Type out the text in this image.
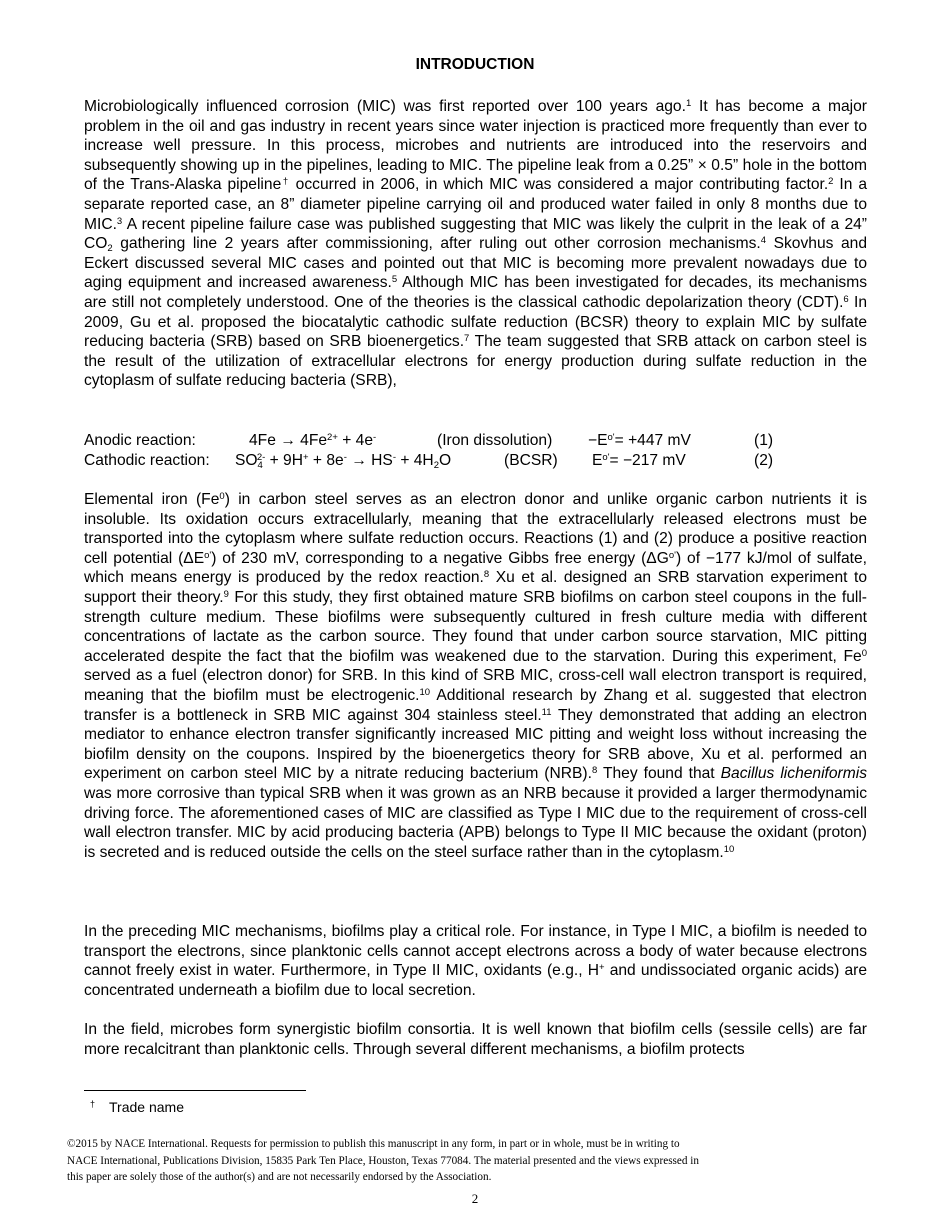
INTRODUCTION

Microbiologically influenced corrosion (MIC) was first reported over 100 years ago.$^1$ It has become a major problem in the oil and gas industry in recent years since water injection is practiced more frequently than ever to increase well pressure. In this process, microbes and nutrients are introduced into the reservoirs and subsequently showing up in the pipelines, leading to MIC. The pipeline leak from a 0.25” × 0.5” hole in the bottom of the Trans-Alaska pipeline† occurred in 2006, in which MIC was considered a major contributing factor.$^2$ In a separate reported case, an 8” diameter pipeline carrying oil and produced water failed in only 8 months due to MIC.$^3$ A recent pipeline failure case was published suggesting that MIC was likely the culprit in the leak of a 24” $CO_2$ gathering line 2 years after commissioning, after ruling out other corrosion mechanisms.$^4$ Skovhus and Eckert discussed several MIC cases and pointed out that MIC is becoming more prevalent nowadays due to aging equipment and increased awareness.$^5$ Although MIC has been investigated for decades, its mechanisms are still not completely understood. One of the theories is the classical cathodic depolarization theory (CDT).$^6$ In 2009, Gu et al. proposed the biocatalytic cathodic sulfate reduction (BCSR) theory to explain MIC by sulfate reducing bacteria (SRB) based on SRB bioenergetics.$^7$ The team suggested that SRB attack on carbon steel is the result of the utilization of extracellular electrons for energy production during sulfate reduction in the cytoplasm of sulfate reducing bacteria (SRB),

Anodic reaction:	$4Fe \to 4Fe^{2+} + 4e^-$	(Iron dissolution) $-E^{o'}= +447$ mV	(1)
Cathodic reaction: $SO_4^{2-} + 9H^+ + 8e^- \to HS^- + 4H_2O$	(BCSR) $E^{o'}= -217$ mV	(2)

Elemental iron (Fe$^0$) in carbon steel serves as an electron donor and unlike organic carbon nutrients it is insoluble. Its oxidation occurs extracellularly, meaning that the extracellularly released electrons must be transported into the cytoplasm where sulfate reduction occurs. Reactions (1) and (2) produce a positive reaction cell potential $(\Delta E^{o'})$ of 230 mV, corresponding to a negative Gibbs free energy $(\Delta G^{o'})$ of −177 kJ/mol of sulfate, which means energy is produced by the redox reaction.$^8$ Xu et al. designed an SRB starvation experiment to support their theory.$^9$ For this study, they first obtained mature SRB biofilms on carbon steel coupons in the full-strength culture medium. These biofilms were subsequently cultured in fresh culture media with different concentrations of lactate as the carbon source. They found that under carbon source starvation, MIC pitting accelerated despite the fact that the biofilm was weakened due to the starvation. During this experiment, Fe$^0$ served as a fuel (electron donor) for SRB. In this kind of SRB MIC, cross-cell wall electron transport is required, meaning that the biofilm must be electrogenic.$^{10}$ Additional research by Zhang et al. suggested that electron transfer is a bottleneck in SRB MIC against 304 stainless steel.$^{11}$ They demonstrated that adding an electron mediator to enhance electron transfer significantly increased MIC pitting and weight loss without increasing the biofilm density on the coupons. Inspired by the bioenergetics theory for SRB above, Xu et al. performed an experiment on carbon steel MIC by a nitrate reducing bacterium (NRB).$^8$ They found that Bacillus licheniformis was more corrosive than typical SRB when it was grown as an NRB because it provided a larger thermodynamic driving force. The aforementioned cases of MIC are classified as Type I MIC due to the requirement of cross-cell wall electron transfer. MIC by acid producing bacteria (APB) belongs to Type II MIC because the oxidant (proton) is secreted and is reduced outside the cells on the steel surface rather than in the cytoplasm.$^{10}$

In the preceding MIC mechanisms, biofilms play a critical role. For instance, in Type I MIC, a biofilm is needed to transport the electrons, since planktonic cells cannot accept electrons across a body of water because electrons cannot freely exist in water. Furthermore, in Type II MIC, oxidants (e.g., H+ and undissociated organic acids) are concentrated underneath a biofilm due to local secretion.

In the field, microbes form synergistic biofilm consortia. It is well known that biofilm cells (sessile cells) are far more recalcitrant than planktonic cells. Through several different mechanisms, a biofilm protects

† Trade name
©2015 by NACE International. Requests for permission to publish this manuscript in any form, in part or in whole, must be in writing to
NACE International, Publications Division, 15835 Park Ten Place, Houston, Texas 77084. The material presented and the views expressed in
this paper are solely those of the author(s) and are not necessarily endorsed by the Association.
2
